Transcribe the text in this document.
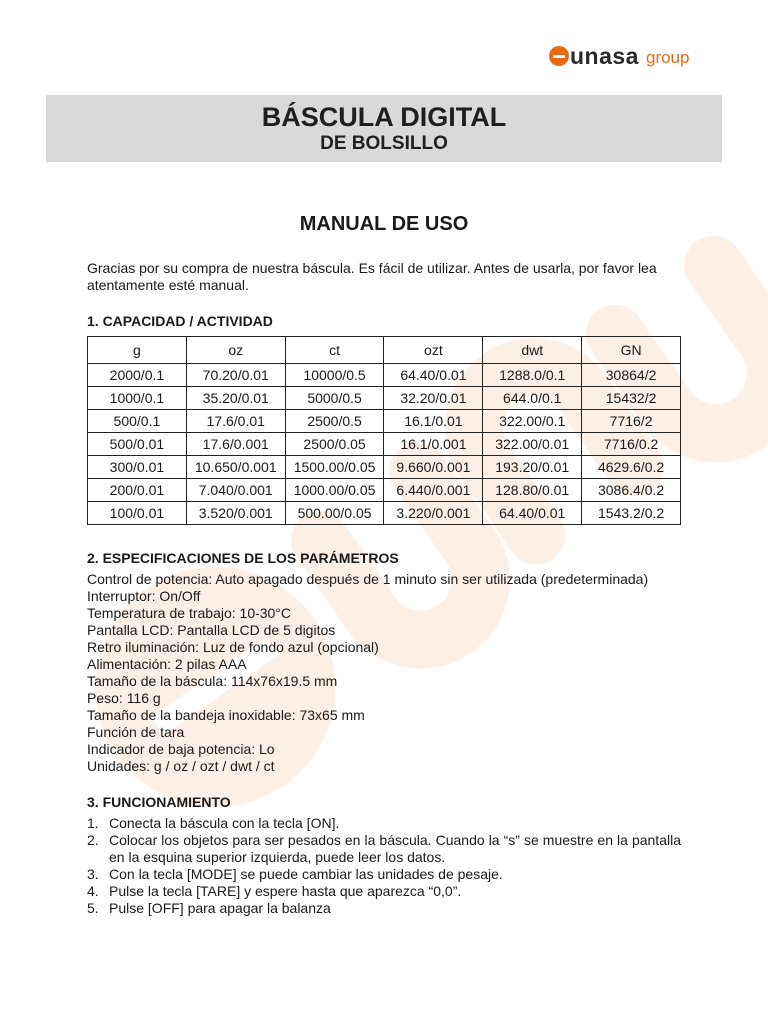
unasa group
BÁSCULA DIGITAL
DE BOLSILLO
MANUAL DE USO

Gracias por su compra de nuestra báscula. Es fácil de utilizar. Antes de usarla, por favor lea atentamente esté manual.

1. CAPACIDAD / ACTIVIDAD
g	oz	ct	ozt	dwt	GN
2000/0.1	70.20/0.01	10000/0.5	64.40/0.01	1288.0/0.1	30864/2
1000/0.1	35.20/0.01	5000/0.5	32.20/0.01	644.0/0.1	15432/2
500/0.1	17.6/0.01	2500/0.5	16.1/0.01	322.00/0.1	7716/2
500/0.01	17.6/0.001	2500/0.05	16.1/0.001	322.00/0.01	7716/0.2
300/0.01	10.650/0.001	1500.00/0.05	9.660/0.001	193.20/0.01	4629.6/0.2
200/0.01	7.040/0.001	1000.00/0.05	6.440/0.001	128.80/0.01	3086.4/0.2
100/0.01	3.520/0.001	500.00/0.05	3.220/0.001	64.40/0.01	1543.2/0.2
2. ESPECIFICACIONES DE LOS PARÁMETROS
Control de potencia: Auto apagado después de 1 minuto sin ser utilizada (predeterminada)
Interruptor: On/Off
Temperatura de trabajo: 10-30°C
Pantalla LCD: Pantalla LCD de 5 digitos
Retro iluminación: Luz de fondo azul (opcional)
Alimentación: 2 pilas AAA
Tamaño de la báscula: 114x76x19.5 mm
Peso: 116 g
Tamaño de la bandeja inoxidable: 73x65 mm
Función de tara
Indicador de baja potencia: Lo
Unidades: g / oz / ozt / dwt / ct
3. FUNCIONAMIENTO
1. Conecta la báscula con la tecla [ON].
2. Colocar los objetos para ser pesados en la báscula. Cuando la “s” se muestre en la pantalla en la esquina superior izquierda, puede leer los datos.
3. Con la tecla [MODE] se puede cambiar las unidades de pesaje.
4. Pulse la tecla [TARE] y espere hasta que aparezca “0,0”.
5. Pulse [OFF] para apagar la balanza
